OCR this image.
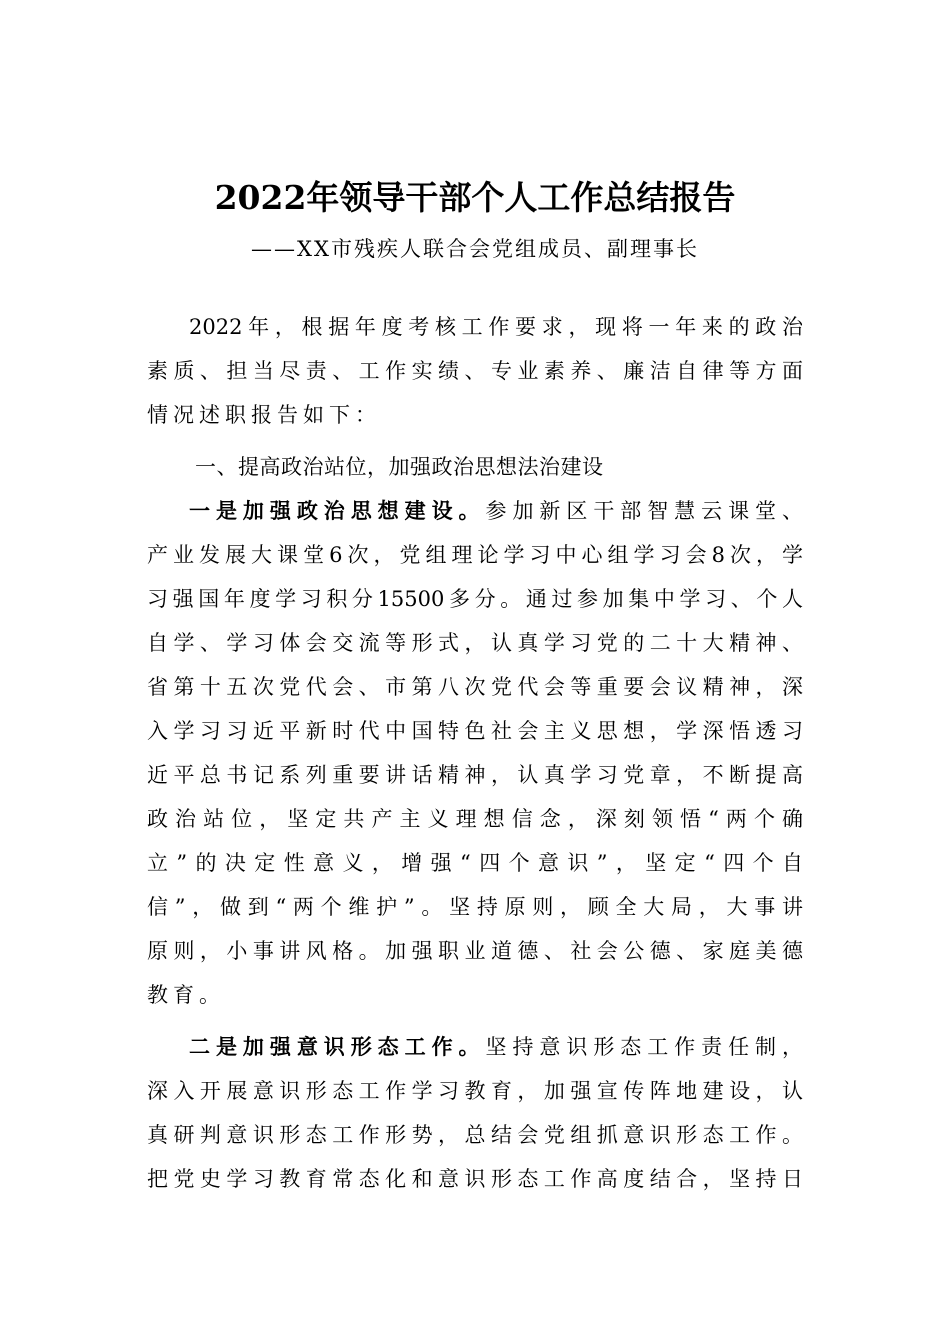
2022年领导干部个人工作总结报告
——XX市残疾人联合会党组成员、副理事长
2022年，根据年度考核工作要求，现将一年来的政治
素质、担当尽责、工作实绩、专业素养、廉洁自律等方面
情况述职报告如下：
一、提高政治站位，加强政治思想法治建设
一是加强政治思想建设。参加新区干部智慧云课堂、
产业发展大课堂6次，党组理论学习中心组学习会8次，学
习强国年度学习积分15500多分。通过参加集中学习、个人
自学、学习体会交流等形式，认真学习党的二十大精神、
省第十五次党代会、市第八次党代会等重要会议精神，深
入学习习近平新时代中国特色社会主义思想，学深悟透习
近平总书记系列重要讲话精神，认真学习党章，不断提高
政治站位，坚定共产主义理想信念，深刻领悟“两个确
立”的决定性意义，增强“四个意识”，坚定“四个自
信”，做到“两个维护”。坚持原则，顾全大局，大事讲
原则，小事讲风格。加强职业道德、社会公德、家庭美德
教育。
二是加强意识形态工作。坚持意识形态工作责任制，
深入开展意识形态工作学习教育，加强宣传阵地建设，认
真研判意识形态工作形势，总结会党组抓意识形态工作。
把党史学习教育常态化和意识形态工作高度结合，坚持日
